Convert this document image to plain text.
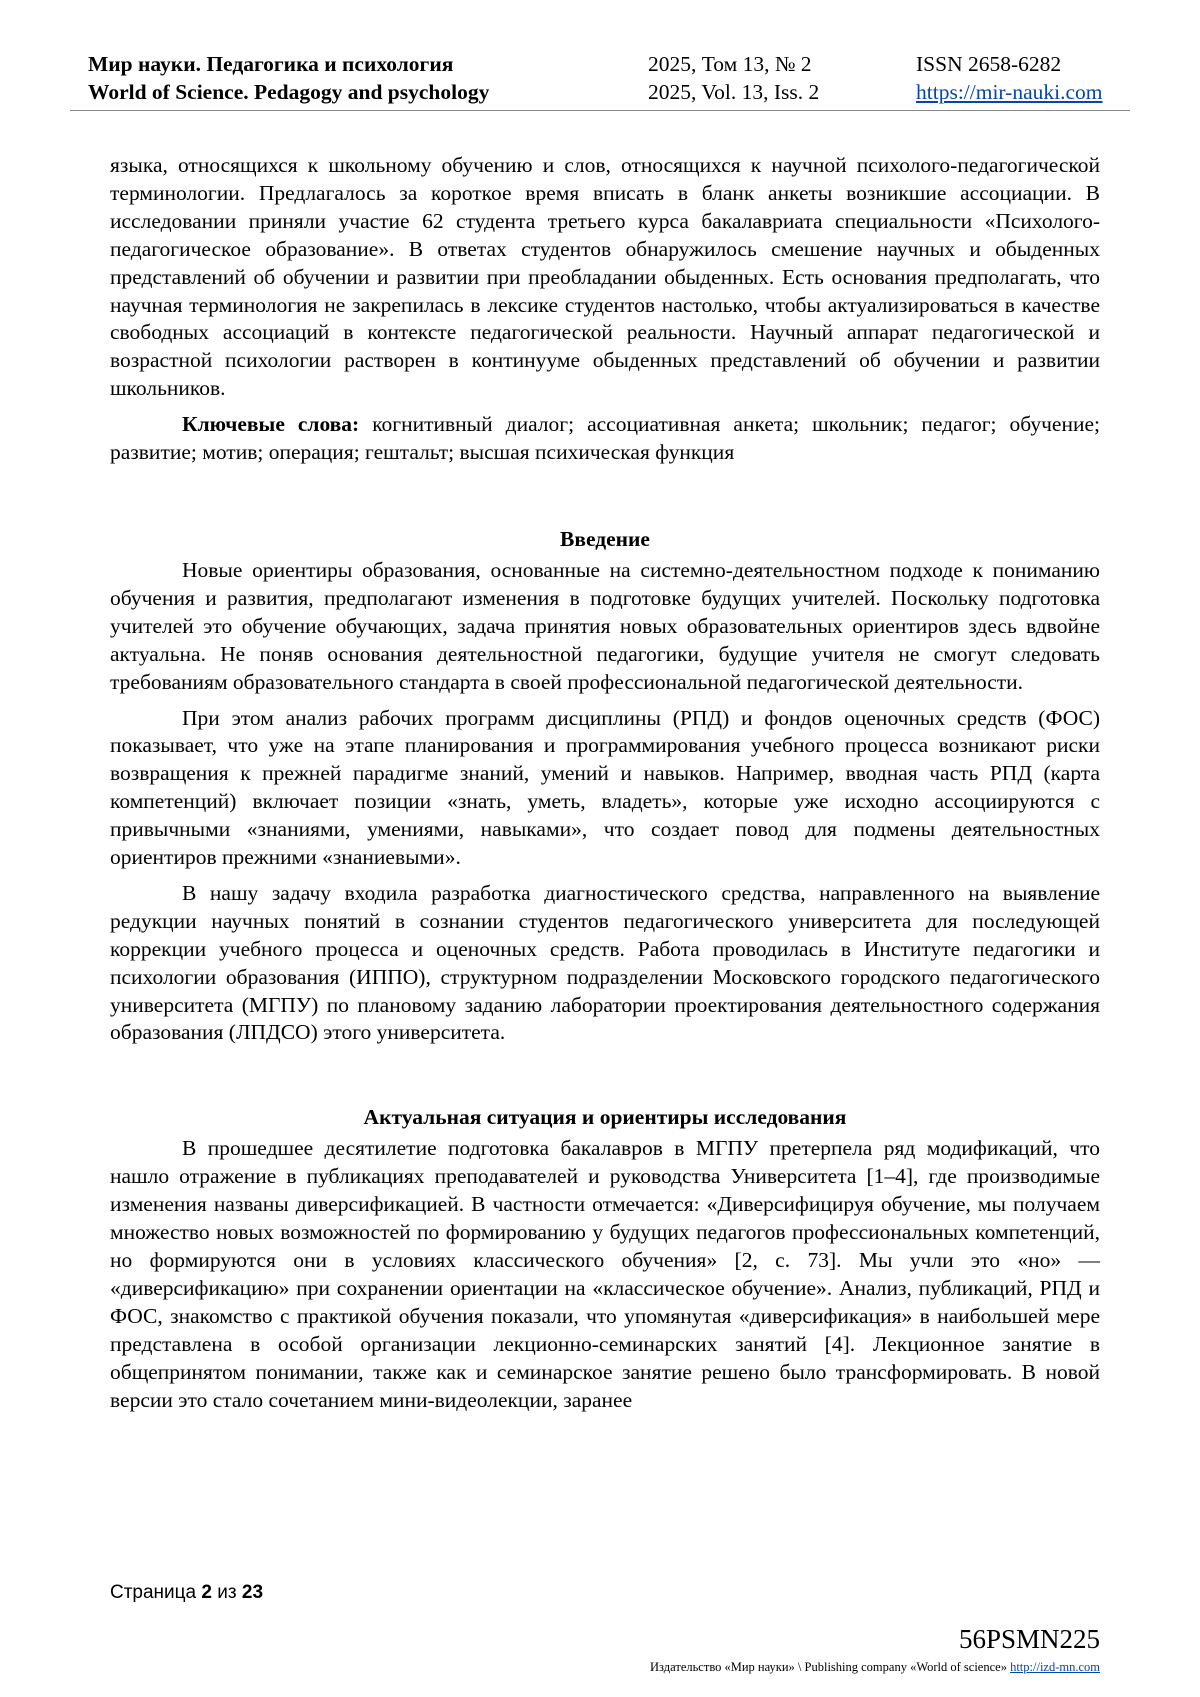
Мир науки. Педагогика и психология
World of Science. Pedagogy and psychology
2025, Том 13, № 2
2025, Vol. 13, Iss. 2
ISSN 2658-6282
https://mir-nauki.com

языка, относящихся к школьному обучению и слов, относящихся к научной психолого-педагогической терминологии. Предлагалось за короткое время вписать в бланк анкеты возникшие ассоциации. В исследовании приняли участие 62 студента третьего курса бакалавриата специальности «Психолого-педагогическое образование». В ответах студентов обнаружилось смешение научных и обыденных представлений об обучении и развитии при преобладании обыденных. Есть основания предполагать, что научная терминология не закрепилась в лексике студентов настолько, чтобы актуализироваться в качестве свободных ассоциаций в контексте педагогической реальности. Научный аппарат педагогической и возрастной психологии растворен в континууме обыденных представлений об обучении и развитии школьников.

Ключевые слова: когнитивный диалог; ассоциативная анкета; школьник; педагог; обучение; развитие; мотив; операция; гештальт; высшая психическая функция

Введение

Новые ориентиры образования, основанные на системно-деятельностном подходе к пониманию обучения и развития, предполагают изменения в подготовке будущих учителей. Поскольку подготовка учителей это обучение обучающих, задача принятия новых образовательных ориентиров здесь вдвойне актуальна. Не поняв основания деятельностной педагогики, будущие учителя не смогут следовать требованиям образовательного стандарта в своей профессиональной педагогической деятельности.

При этом анализ рабочих программ дисциплины (РПД) и фондов оценочных средств (ФОС) показывает, что уже на этапе планирования и программирования учебного процесса возникают риски возвращения к прежней парадигме знаний, умений и навыков. Например, вводная часть РПД (карта компетенций) включает позиции «знать, уметь, владеть», которые уже исходно ассоциируются с привычными «знаниями, умениями, навыками», что создает повод для подмены деятельностных ориентиров прежними «знаниевыми».

В нашу задачу входила разработка диагностического средства, направленного на выявление редукции научных понятий в сознании студентов педагогического университета для последующей коррекции учебного процесса и оценочных средств. Работа проводилась в Институте педагогики и психологии образования (ИППО), структурном подразделении Московского городского педагогического университета (МГПУ) по плановому заданию лаборатории проектирования деятельностного содержания образования (ЛПДСО) этого университета.

Актуальная ситуация и ориентиры исследования

В прошедшее десятилетие подготовка бакалавров в МГПУ претерпела ряд модификаций, что нашло отражение в публикациях преподавателей и руководства Университета [1–4], где производимые изменения названы диверсификацией. В частности отмечается: «Диверсифицируя обучение, мы получаем множество новых возможностей по формированию у будущих педагогов профессиональных компетенций, но формируются они в условиях классического обучения» [2, с. 73]. Мы учли это «но» — «диверсификацию» при сохранении ориентации на «классическое обучение». Анализ, публикаций, РПД и ФОС, знакомство с практикой обучения показали, что упомянутая «диверсификация» в наибольшей мере представлена в особой организации лекционно-семинарских занятий [4]. Лекционное занятие в общепринятом понимании, также как и семинарское занятие решено было трансформировать. В новой версии это стало сочетанием мини-видеолекции, заранее

Страница 2 из 23
56PSMN225
Издательство «Мир науки» \ Publishing company «World of science» http://izd-mn.com
